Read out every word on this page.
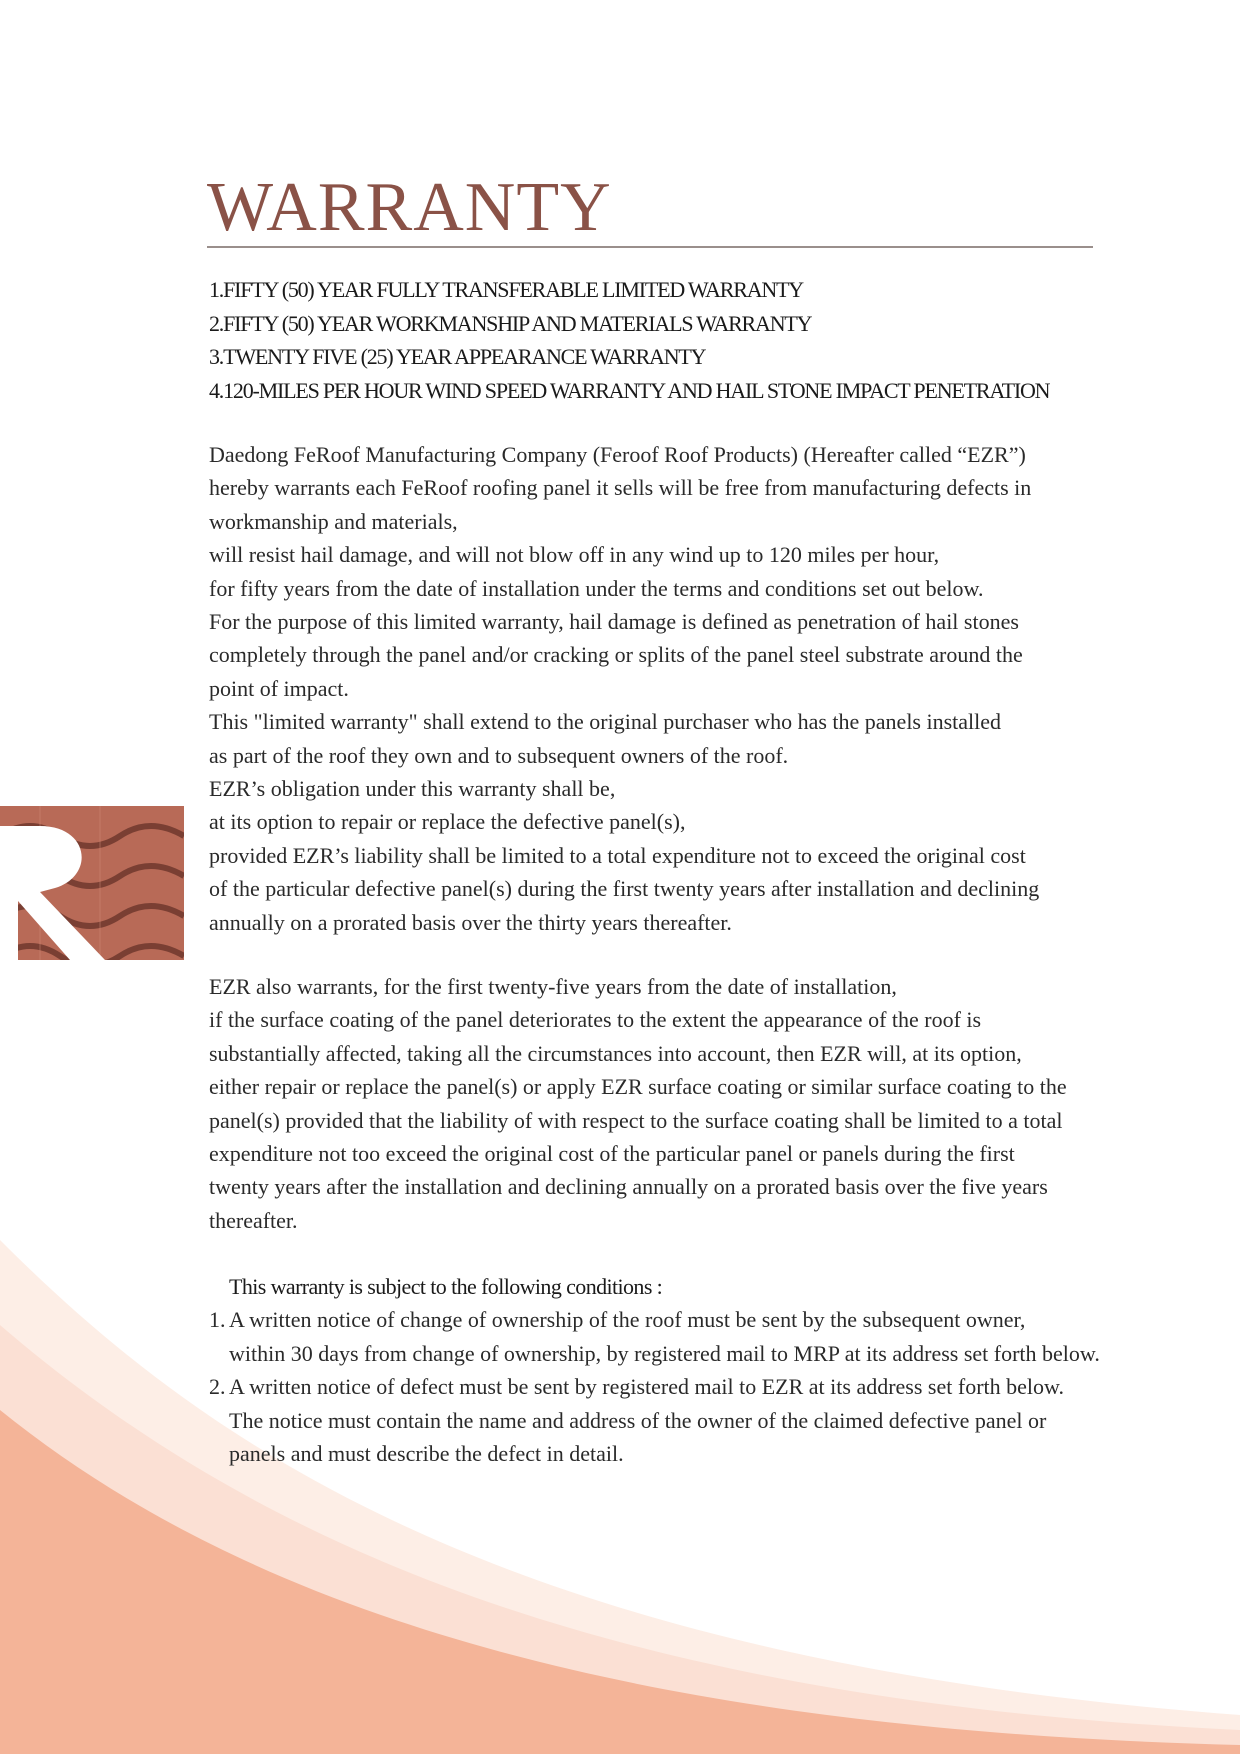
WARRANTY
1.FIFTY (50) YEAR FULLY TRANSFERABLE LIMITED WARRANTY
2.FIFTY (50) YEAR WORKMANSHIP AND MATERIALS WARRANTY
3.TWENTY FIVE (25) YEAR APPEARANCE WARRANTY
4.120-MILES PER HOUR WIND SPEED WARRANTY AND HAIL STONE IMPACT PENETRATION
Daedong FeRoof Manufacturing Company (Feroof Roof Products) (Hereafter called “EZR”)
hereby warrants each FeRoof roofing panel it sells will be free from manufacturing defects in
workmanship and materials,
will resist hail damage, and will not blow off in any wind up to 120 miles per hour,
for fifty years from the date of installation under the terms and conditions set out below.
For the purpose of this limited warranty, hail damage is defined as penetration of hail stones
completely through the panel and/or cracking or splits of the panel steel substrate around the
point of impact.
This "limited warranty" shall extend to the original purchaser who has the panels installed
as part of the roof they own and to subsequent owners of the roof.
EZR’s obligation under this warranty shall be,
at its option to repair or replace the defective panel(s),
provided EZR’s liability shall be limited to a total expenditure not to exceed the original cost
of the particular defective panel(s) during the first twenty years after installation and declining
annually on a prorated basis over the thirty years thereafter.
EZR also warrants, for the first twenty-five years from the date of installation,
if the surface coating of the panel deteriorates to the extent the appearance of the roof is
substantially affected, taking all the circumstances into account, then EZR will, at its option,
either repair or replace the panel(s) or apply EZR surface coating or similar surface coating to the
panel(s) provided that the liability of with respect to the surface coating shall be limited to a total
expenditure not too exceed the original cost of the particular panel or panels during the first
twenty years after the installation and declining annually on a prorated basis over the five years
thereafter.
This warranty is subject to the following conditions :
1. A written notice of change of ownership of the roof must be sent by the subsequent owner,
within 30 days from change of ownership, by registered mail to MRP at its address set forth below.
2. A written notice of defect must be sent by registered mail to EZR at its address set forth below.
The notice must contain the name and address of the owner of the claimed defective panel or
panels and must describe the defect in detail.
